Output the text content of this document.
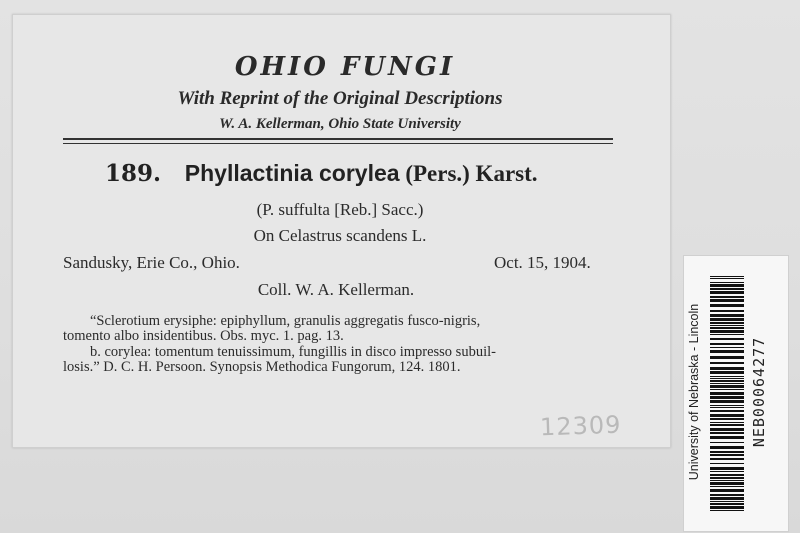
OHIO FUNGI
With Reprint of the Original Descriptions
W. A. Kellerman, Ohio State University
189. Phyllactinia corylea (Pers.) Karst.
(P. suffulta [Reb.] Sacc.)
On Celastrus scandens L.
Sandusky, Erie Co., Ohio.	Oct. 15, 1904.
Coll. W. A. Kellerman.
“Sclerotium erysiphe: epiphyllum, granulis aggregatis fusco-nigris,
tomento albo insidentibus. Obs. myc. 1. pag. 13.
b. corylea: tomentum tenuissimum, fungillis in disco impresso subuil-
losis.” D. C. H. Persoon. Synopsis Methodica Fungorum, 124. 1801.
12309	University of Nebraska - Lincoln	NEB00064277
